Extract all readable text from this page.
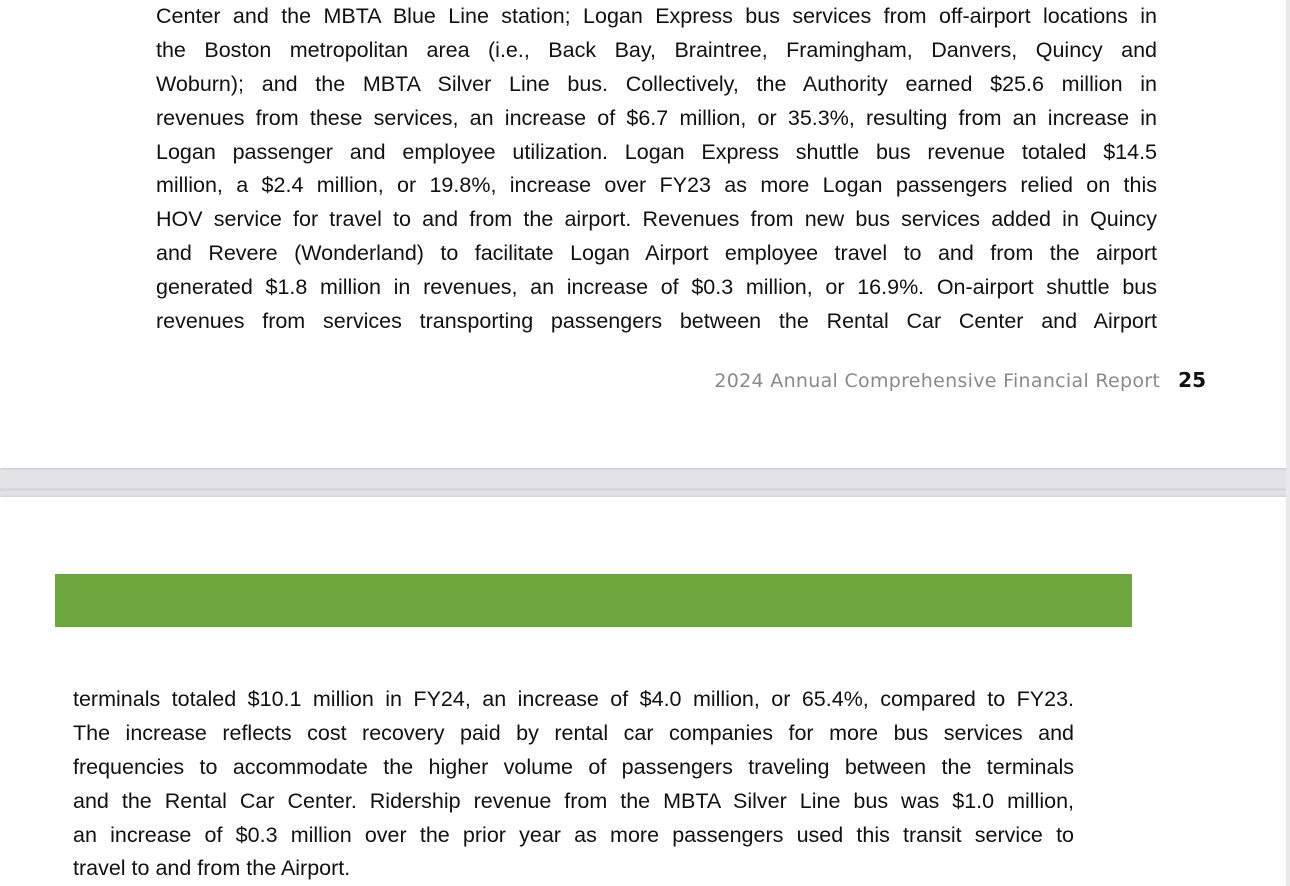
Center and the MBTA Blue Line station; Logan Express bus services from off-airport locations in
the Boston metropolitan area (i.e., Back Bay, Braintree, Framingham, Danvers, Quincy and
Woburn); and the MBTA Silver Line bus. Collectively, the Authority earned $25.6 million in
revenues from these services, an increase of $6.7 million, or 35.3%, resulting from an increase in
Logan passenger and employee utilization. Logan Express shuttle bus revenue totaled $14.5
million, a $2.4 million, or 19.8%, increase over FY23 as more Logan passengers relied on this
HOV service for travel to and from the airport. Revenues from new bus services added in Quincy
and Revere (Wonderland) to facilitate Logan Airport employee travel to and from the airport
generated $1.8 million in revenues, an increase of $0.3 million, or 16.9%. On-airport shuttle bus
revenues from services transporting passengers between the Rental Car Center and Airport

2024 Annual Comprehensive Financial Report 25

terminals totaled $10.1 million in FY24, an increase of $4.0 million, or 65.4%, compared to FY23.
The increase reflects cost recovery paid by rental car companies for more bus services and
frequencies to accommodate the higher volume of passengers traveling between the terminals
and the Rental Car Center. Ridership revenue from the MBTA Silver Line bus was $1.0 million,
an increase of $0.3 million over the prior year as more passengers used this transit service to
travel to and from the Airport.
